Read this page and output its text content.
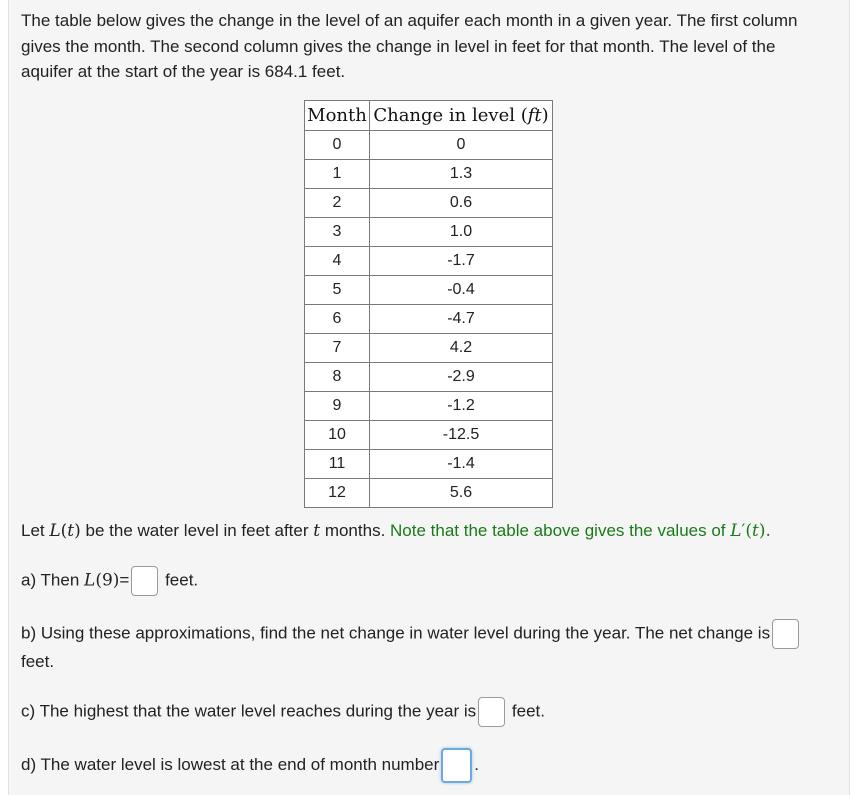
The table below gives the change in the level of an aquifer each month in a given year. The first column gives the month. The second column gives the change in level in feet for that month. The level of the aquifer at the start of the year is 684.1 feet.
Month	Change in level (ft)
0	0
1	1.3
2	0.6
3	1.0
4	-1.7
5	-0.4
6	-4.7
7	4.2
8	-2.9
9	-1.2
10	-12.5
11	-1.4
12	5.6
Let L(t) be the water level in feet after t months. Note that the table above gives the values of L′(t).
a) Then L(9)= feet.
b) Using these approximations, find the net change in water level during the year. The net change is
feet.
c) The highest that the water level reaches during the year is feet.
d) The water level is lowest at the end of month number .
